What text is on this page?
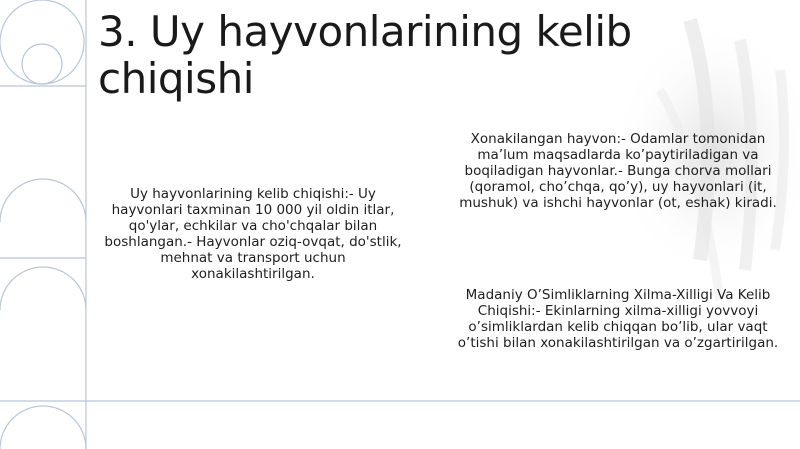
3. Uy hayvonlarining kelib chiqishi

Uy hayvonlarining kelib chiqishi:- Uy hayvonlari taxminan 10 000 yil oldin itlar, qo'ylar, echkilar va cho'chqalar bilan boshlangan.- Hayvonlar oziq-ovqat, do'stlik, mehnat va transport uchun xonakilashtirilgan.

Xonakilangan hayvon:- Odamlar tomonidan ma’lum maqsadlarda ko’paytiriladigan va boqiladigan hayvonlar.- Bunga chorva mollari (qoramol, cho’chqa, qo’y), uy hayvonlari (it, mushuk) va ishchi hayvonlar (ot, eshak) kiradi.

Madaniy O’Simliklarning Xilma-Xilligi Va Kelib Chiqishi:- Ekinlarning xilma-xilligi yovvoyi o’simliklardan kelib chiqqan bo’lib, ular vaqt o’tishi bilan xonakilashtirilgan va o’zgartirilgan.
